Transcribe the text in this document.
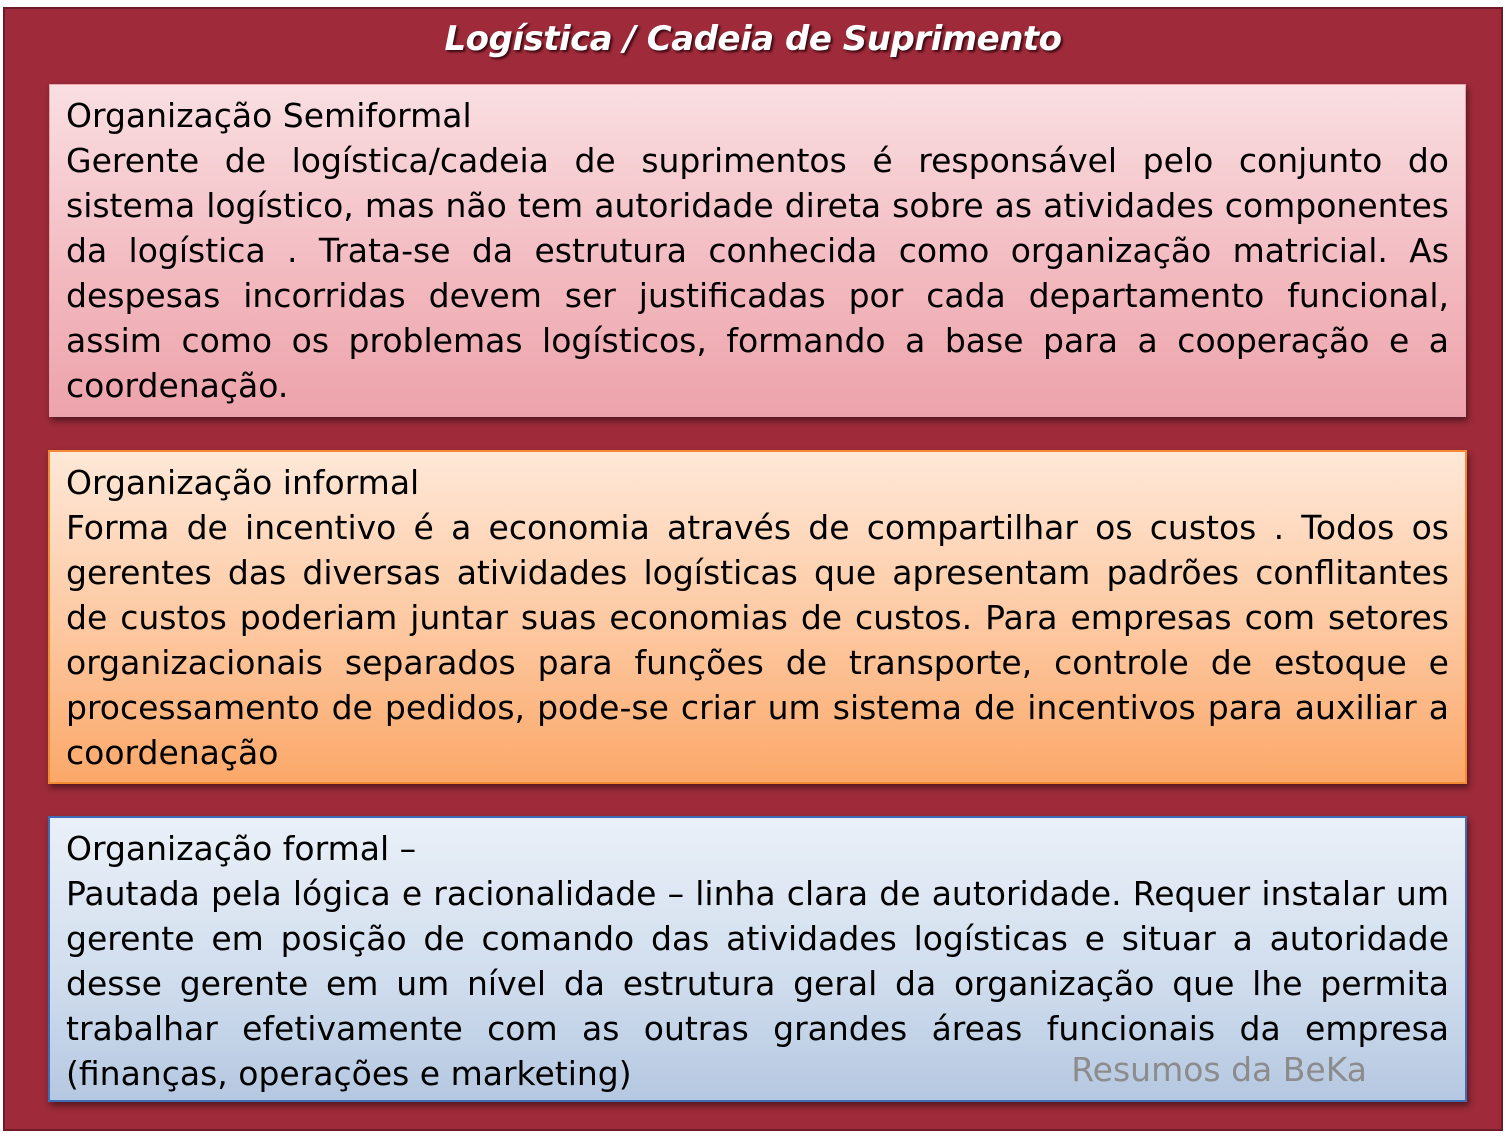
Logística / Cadeia de Suprimento
Organização Semiformal
Gerente de logística/cadeia de suprimentos é responsável pelo conjunto do sistema logístico, mas não tem autoridade direta sobre as atividades componentes da logística . Trata-se da estrutura conhecida como organização matricial. As despesas incorridas devem ser justificadas por cada departamento funcional, assim como os problemas logísticos, formando a base para a cooperação e a coordenação.
Organização informal
Forma de incentivo é a economia através de compartilhar os custos . Todos os gerentes das diversas atividades logísticas que apresentam padrões conflitantes de custos poderiam juntar suas economias de custos. Para empresas com setores organizacionais separados para funções de transporte, controle de estoque e processamento de pedidos, pode-se criar um sistema de incentivos para auxiliar a coordenação
Organização formal –
Pautada pela lógica e racionalidade – linha clara de autoridade. Requer instalar um gerente em posição de comando das atividades logísticas e situar a autoridade desse gerente em um nível da estrutura geral da organização que lhe permita trabalhar efetivamente com as outras grandes áreas funcionais da empresa (finanças, operações e marketing)	Resumos da BeKa
